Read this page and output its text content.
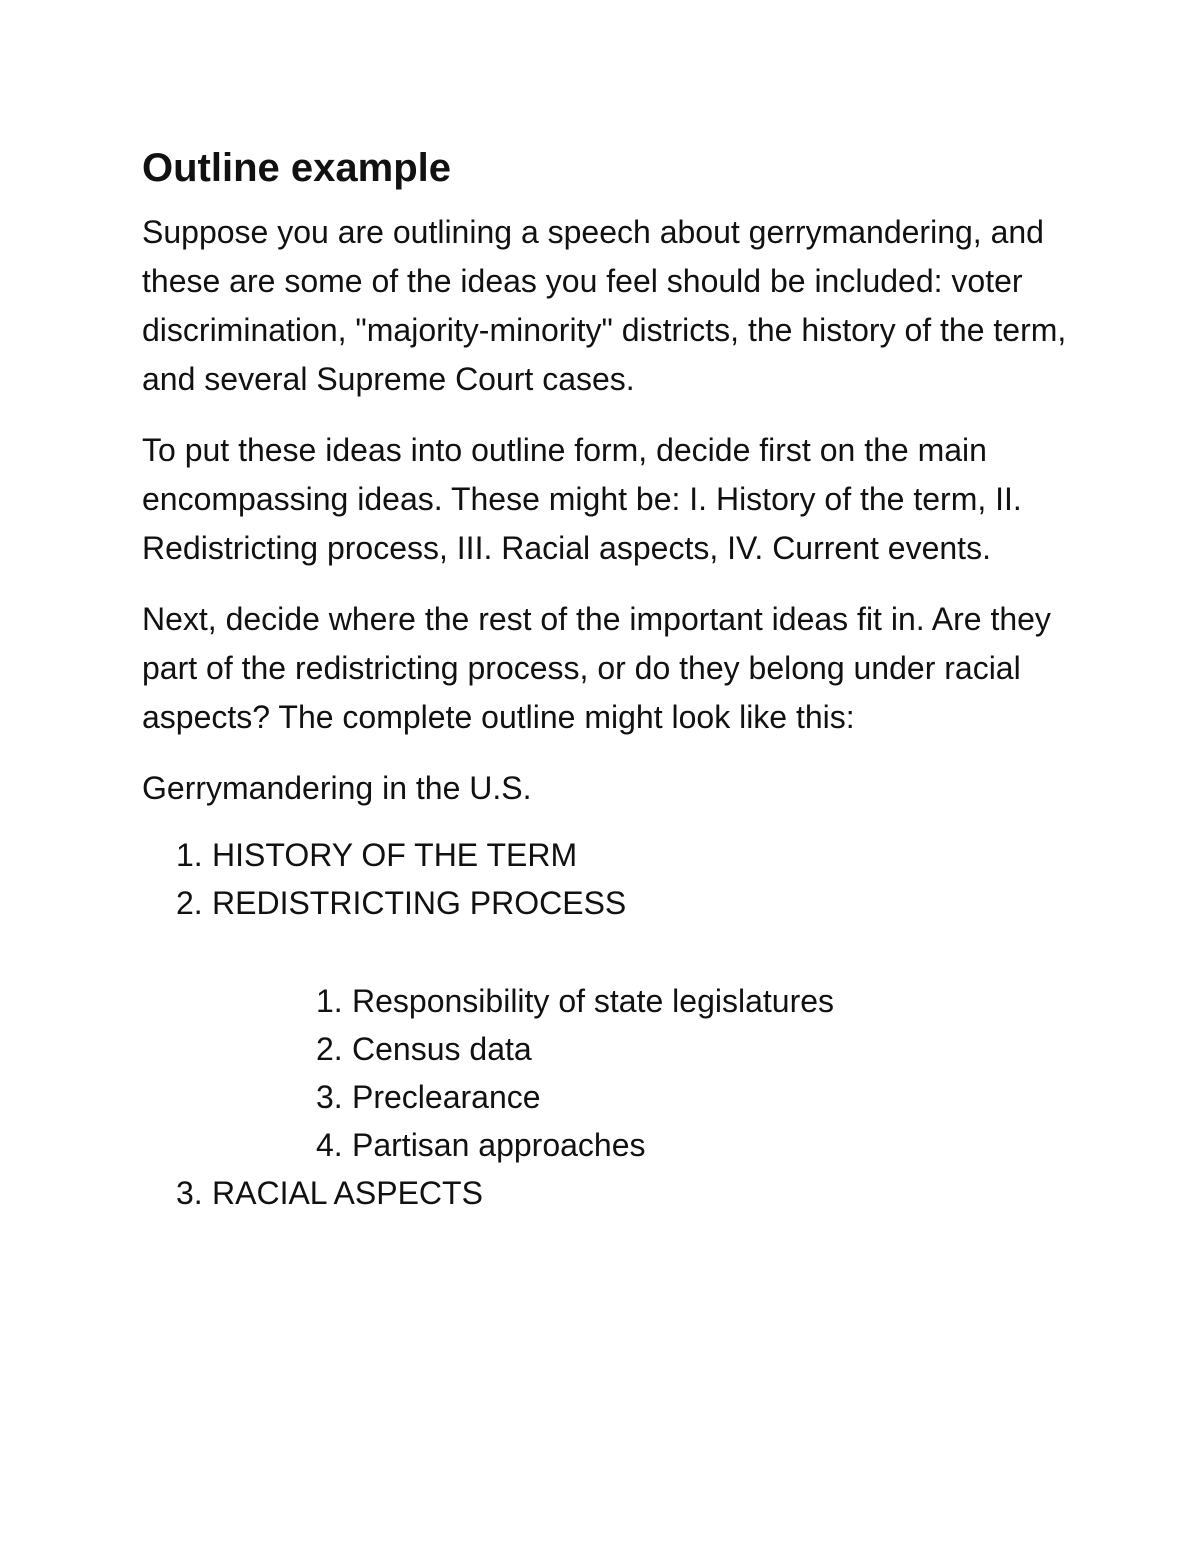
Outline example

Suppose you are outlining a speech about gerrymandering, and these are some of the ideas you feel should be included: voter discrimination, "majority-minority" districts, the history of the term, and several Supreme Court cases.

To put these ideas into outline form, decide first on the main encompassing ideas. These might be: I. History of the term, II. Redistricting process, III. Racial aspects, IV. Current events.

Next, decide where the rest of the important ideas fit in. Are they part of the redistricting process, or do they belong under racial aspects? The complete outline might look like this:

Gerrymandering in the U.S.

1. HISTORY OF THE TERM
2. REDISTRICTING PROCESS
1. Responsibility of state legislatures
2. Census data
3. Preclearance
4. Partisan approaches
3. RACIAL ASPECTS
